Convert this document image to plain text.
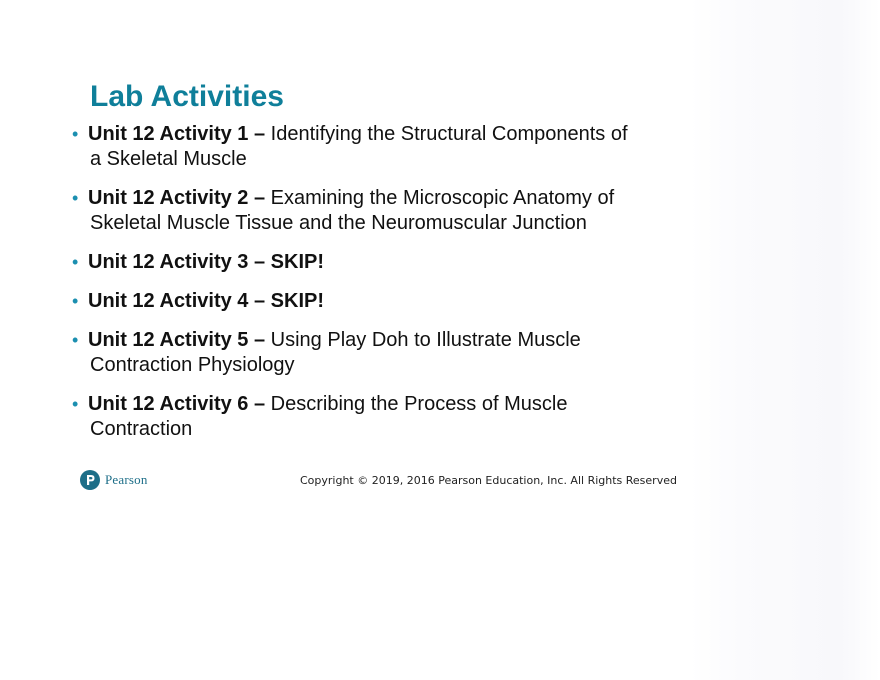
Lab Activities
• Unit 12 Activity 1 – Identifying the Structural Components of
a Skeletal Muscle
• Unit 12 Activity 2 – Examining the Microscopic Anatomy of
Skeletal Muscle Tissue and the Neuromuscular Junction
• Unit 12 Activity 3 – SKIP!
• Unit 12 Activity 4 – SKIP!
• Unit 12 Activity 5 – Using Play Doh to Illustrate Muscle
Contraction Physiology
• Unit 12 Activity 6 – Describing the Process of Muscle
Contraction
Pearson	Copyright © 2019, 2016 Pearson Education, Inc. All Rights Reserved
